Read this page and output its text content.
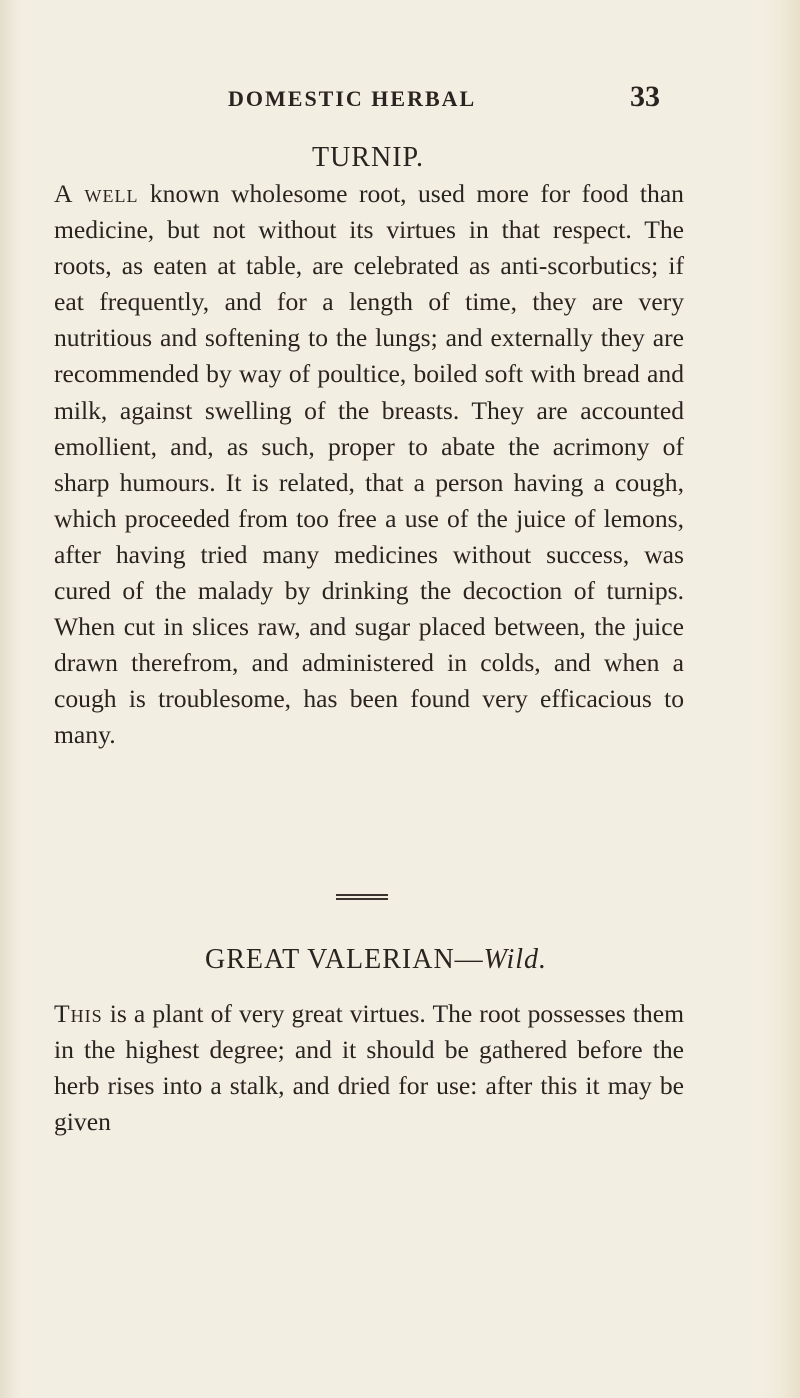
DOMESTIC HERBAL	33
TURNIP.

A well known wholesome root, used more for food than medicine, but not without its virtues in that respect. The roots, as eaten at table, are celebrated as anti-scorbutics; if eat frequently, and for a length of time, they are very nutritious and softening to the lungs; and externally they are recommended by way of poultice, boiled soft with bread and milk, against swelling of the breasts. They are accounted emollient, and, as such, proper to abate the acrimony of sharp humours. It is related, that a person having a cough, which proceeded from too free a use of the juice of lemons, after having tried many medicines without success, was cured of the malady by drinking the decoction of turnips. When cut in slices raw, and sugar placed between, the juice drawn therefrom, and administered in colds, and when a cough is troublesome, has been found very efficacious to many.

GREAT VALERIAN—Wild.

This is a plant of very great virtues. The root possesses them in the highest degree; and it should be gathered before the herb rises into a stalk, and dried for use: after this it may be given
